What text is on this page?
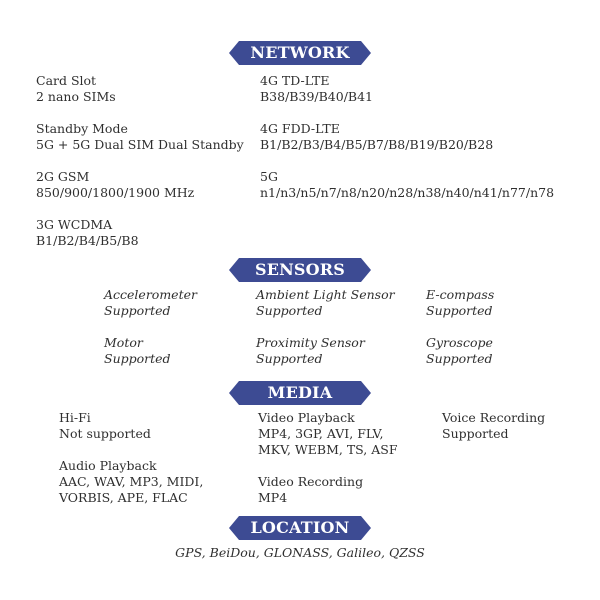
NETWORK
Card Slot
2 nano SIMs
Standby Mode
5G + 5G Dual SIM Dual Standby
2G GSM
850/900/1800/1900 MHz
3G WCDMA
B1/B2/B4/B5/B8
4G TD-LTE
B38/B39/B40/B41
4G FDD-LTE
B1/B2/B3/B4/B5/B7/B8/B19/B20/B28
5G
n1/n3/n5/n7/n8/n20/n28/n38/n40/n41/n77/n78
SENSORS
Accelerometer
Supported
Ambient Light Sensor
Supported
E-compass
Supported
Motor
Supported
Proximity Sensor
Supported
Gyroscope
Supported
MEDIA
Hi-Fi
Not supported
Audio Playback
AAC, WAV, MP3, MIDI,
VORBIS, APE, FLAC
Video Playback
MP4, 3GP, AVI, FLV,
MKV, WEBM, TS, ASF
Video Recording
MP4
Voice Recording
Supported
LOCATION
GPS, BeiDou, GLONASS, Galileo, QZSS
